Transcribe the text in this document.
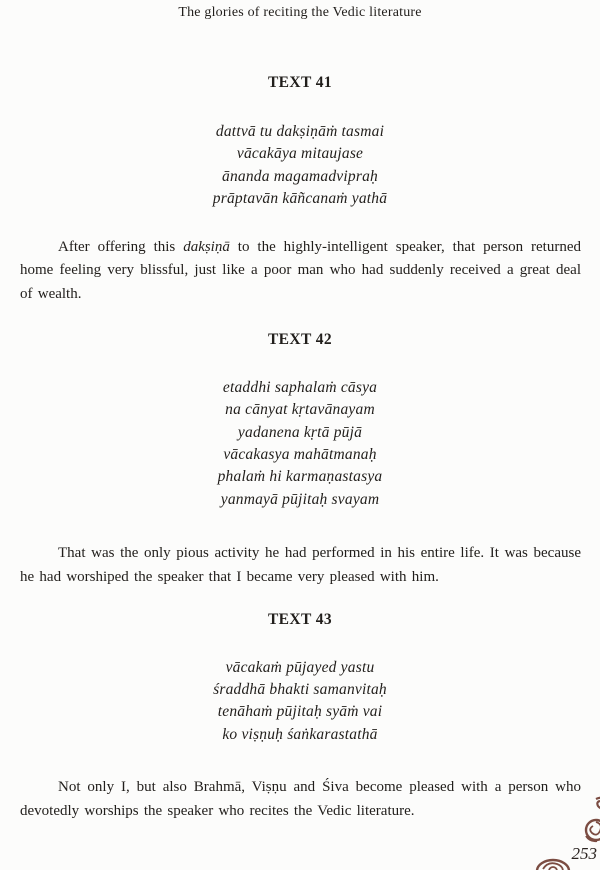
The glories of reciting the Vedic literature
TEXT 41
dattvā tu dakṣiṇāṁ tasmai
vācakāya mitaujase
ānanda magamadvipraḥ
prāptavān kāñcanaṁ yathā

After offering this dakṣiṇā to the highly-intelligent speaker, that person returned home feeling very blissful, just like a poor man who had suddenly received a great deal of wealth.

TEXT 42
etaddhi saphalaṁ cāsya
na cānyat kṛtavānayam
yadanena kṛtā pūjā
vācakasya mahātmanaḥ
phalaṁ hi karmaṇastasya
yanmayā pūjitaḥ svayam

That was the only pious activity he had performed in his entire life. It was because he had worshiped the speaker that I became very pleased with him.

TEXT 43
vācakaṁ pūjayed yastu
śraddhā bhakti samanvitaḥ
tenāhaṁ pūjitaḥ syāṁ vai
ko viṣṇuḥ śaṅkarastathā

Not only I, but also Brahmā, Viṣṇu and Śiva become pleased with a person who devotedly worships the speaker who recites the Vedic literature.

253
